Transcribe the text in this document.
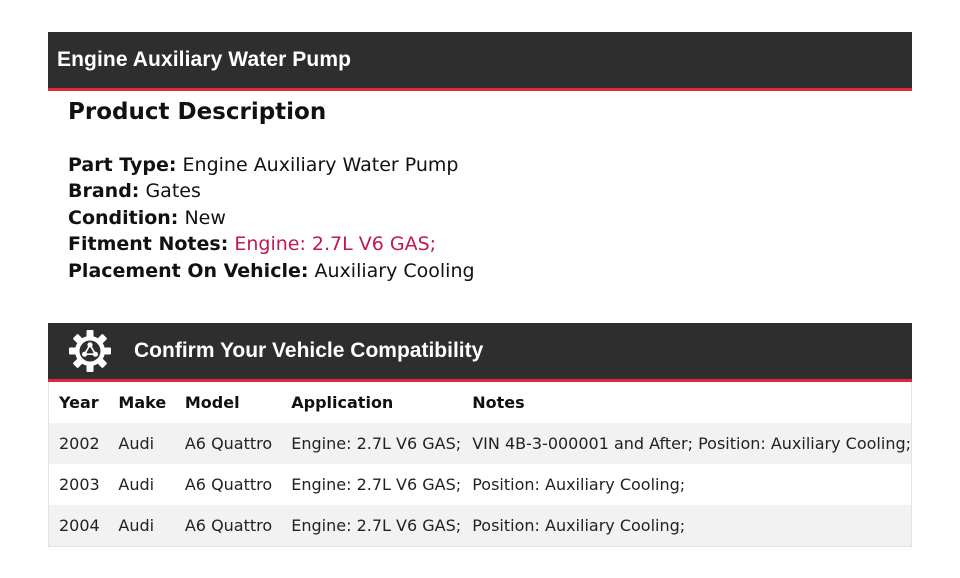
Engine Auxiliary Water Pump
Product Description
Part Type: Engine Auxiliary Water Pump
Brand: Gates
Condition: New
Fitment Notes: Engine: 2.7L V6 GAS;
Placement On Vehicle: Auxiliary Cooling
Confirm Your Vehicle Compatibility
Year	Make	Model	Application	Notes
2002	Audi	A6 Quattro	Engine: 2.7L V6 GAS;	VIN 4B-3-000001 and After; Position: Auxiliary Cooling;
2003	Audi	A6 Quattro	Engine: 2.7L V6 GAS;	Position: Auxiliary Cooling;
2004	Audi	A6 Quattro	Engine: 2.7L V6 GAS;	Position: Auxiliary Cooling;
